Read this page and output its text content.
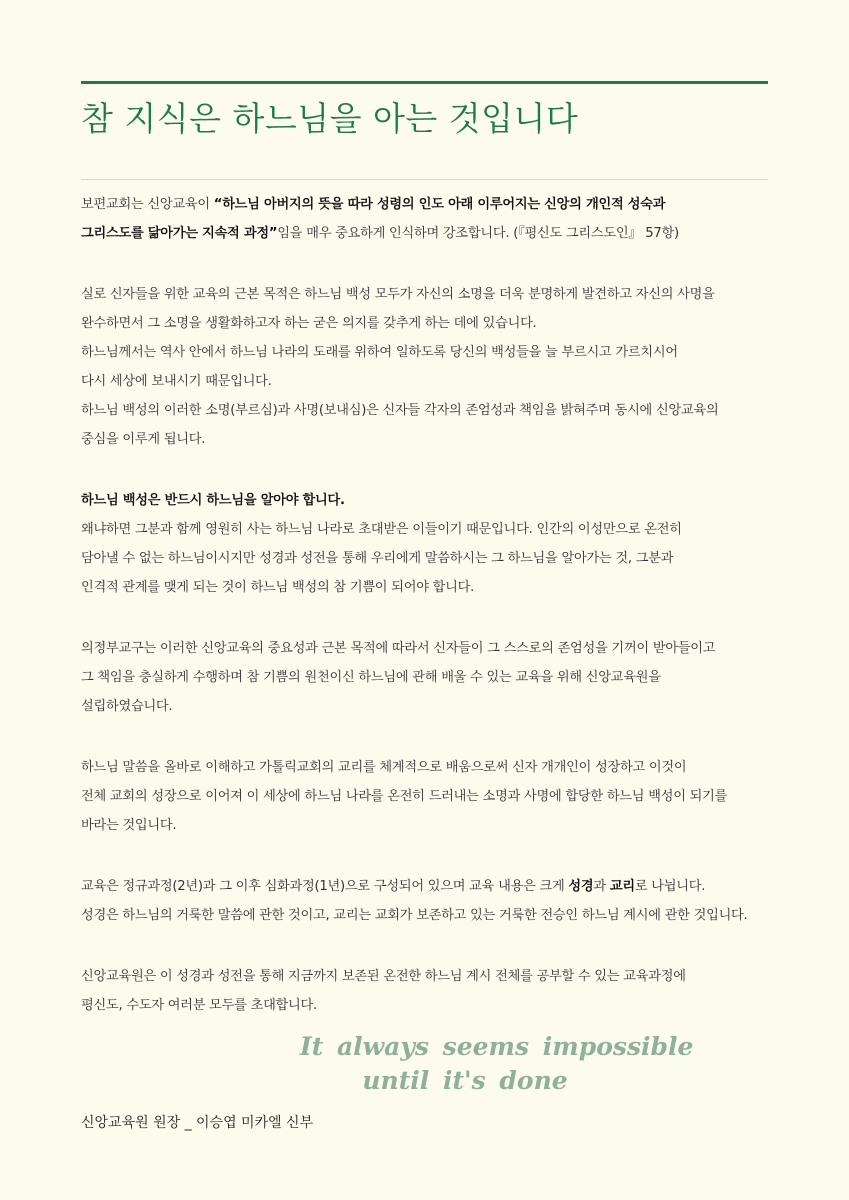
참 지식은 하느님을 아는 것입니다

보편교회는 신앙교육이 “하느님 아버지의 뜻을 따라 성령의 인도 아래 이루어지는 신앙의 개인적 성숙과
그리스도를 닮아가는 지속적 과정”임을 매우 중요하게 인식하며 강조합니다. (『평신도 그리스도인』 57항)

실로 신자들을 위한 교육의 근본 목적은 하느님 백성 모두가 자신의 소명을 더욱 분명하게 발견하고 자신의 사명을
완수하면서 그 소명을 생활화하고자 하는 굳은 의지를 갖추게 하는 데에 있습니다.
하느님께서는 역사 안에서 하느님 나라의 도래를 위하여 일하도록 당신의 백성들을 늘 부르시고 가르치시어
다시 세상에 보내시기 때문입니다.
하느님 백성의 이러한 소명(부르심)과 사명(보내심)은 신자들 각자의 존엄성과 책임을 밝혀주며 동시에 신앙교육의
중심을 이루게 됩니다.

하느님 백성은 반드시 하느님을 알아야 합니다.
왜냐하면 그분과 함께 영원히 사는 하느님 나라로 초대받은 이들이기 때문입니다. 인간의 이성만으로 온전히
담아낼 수 없는 하느님이시지만 성경과 성전을 통해 우리에게 말씀하시는 그 하느님을 알아가는 것, 그분과
인격적 관계를 맺게 되는 것이 하느님 백성의 참 기쁨이 되어야 합니다.

의정부교구는 이러한 신앙교육의 중요성과 근본 목적에 따라서 신자들이 그 스스로의 존엄성을 기꺼이 받아들이고
그 책임을 충실하게 수행하며 참 기쁨의 원천이신 하느님에 관해 배울 수 있는 교육을 위해 신앙교육원을
설립하였습니다.

하느님 말씀을 올바로 이해하고 가톨릭교회의 교리를 체계적으로 배움으로써 신자 개개인이 성장하고 이것이
전체 교회의 성장으로 이어져 이 세상에 하느님 나라를 온전히 드러내는 소명과 사명에 합당한 하느님 백성이 되기를
바라는 것입니다.

교육은 정규과정(2년)과 그 이후 심화과정(1년)으로 구성되어 있으며 교육 내용은 크게 성경과 교리로 나뉩니다.
성경은 하느님의 거룩한 말씀에 관한 것이고, 교리는 교회가 보존하고 있는 거룩한 전승인 하느님 계시에 관한 것입니다.

신앙교육원은 이 성경과 성전을 통해 지금까지 보존된 온전한 하느님 계시 전체를 공부할 수 있는 교육과정에
평신도, 수도자 여러분 모두를 초대합니다.

It always seems impossible
until it's done
신앙교육원 원장 _ 이승엽 미카엘 신부
